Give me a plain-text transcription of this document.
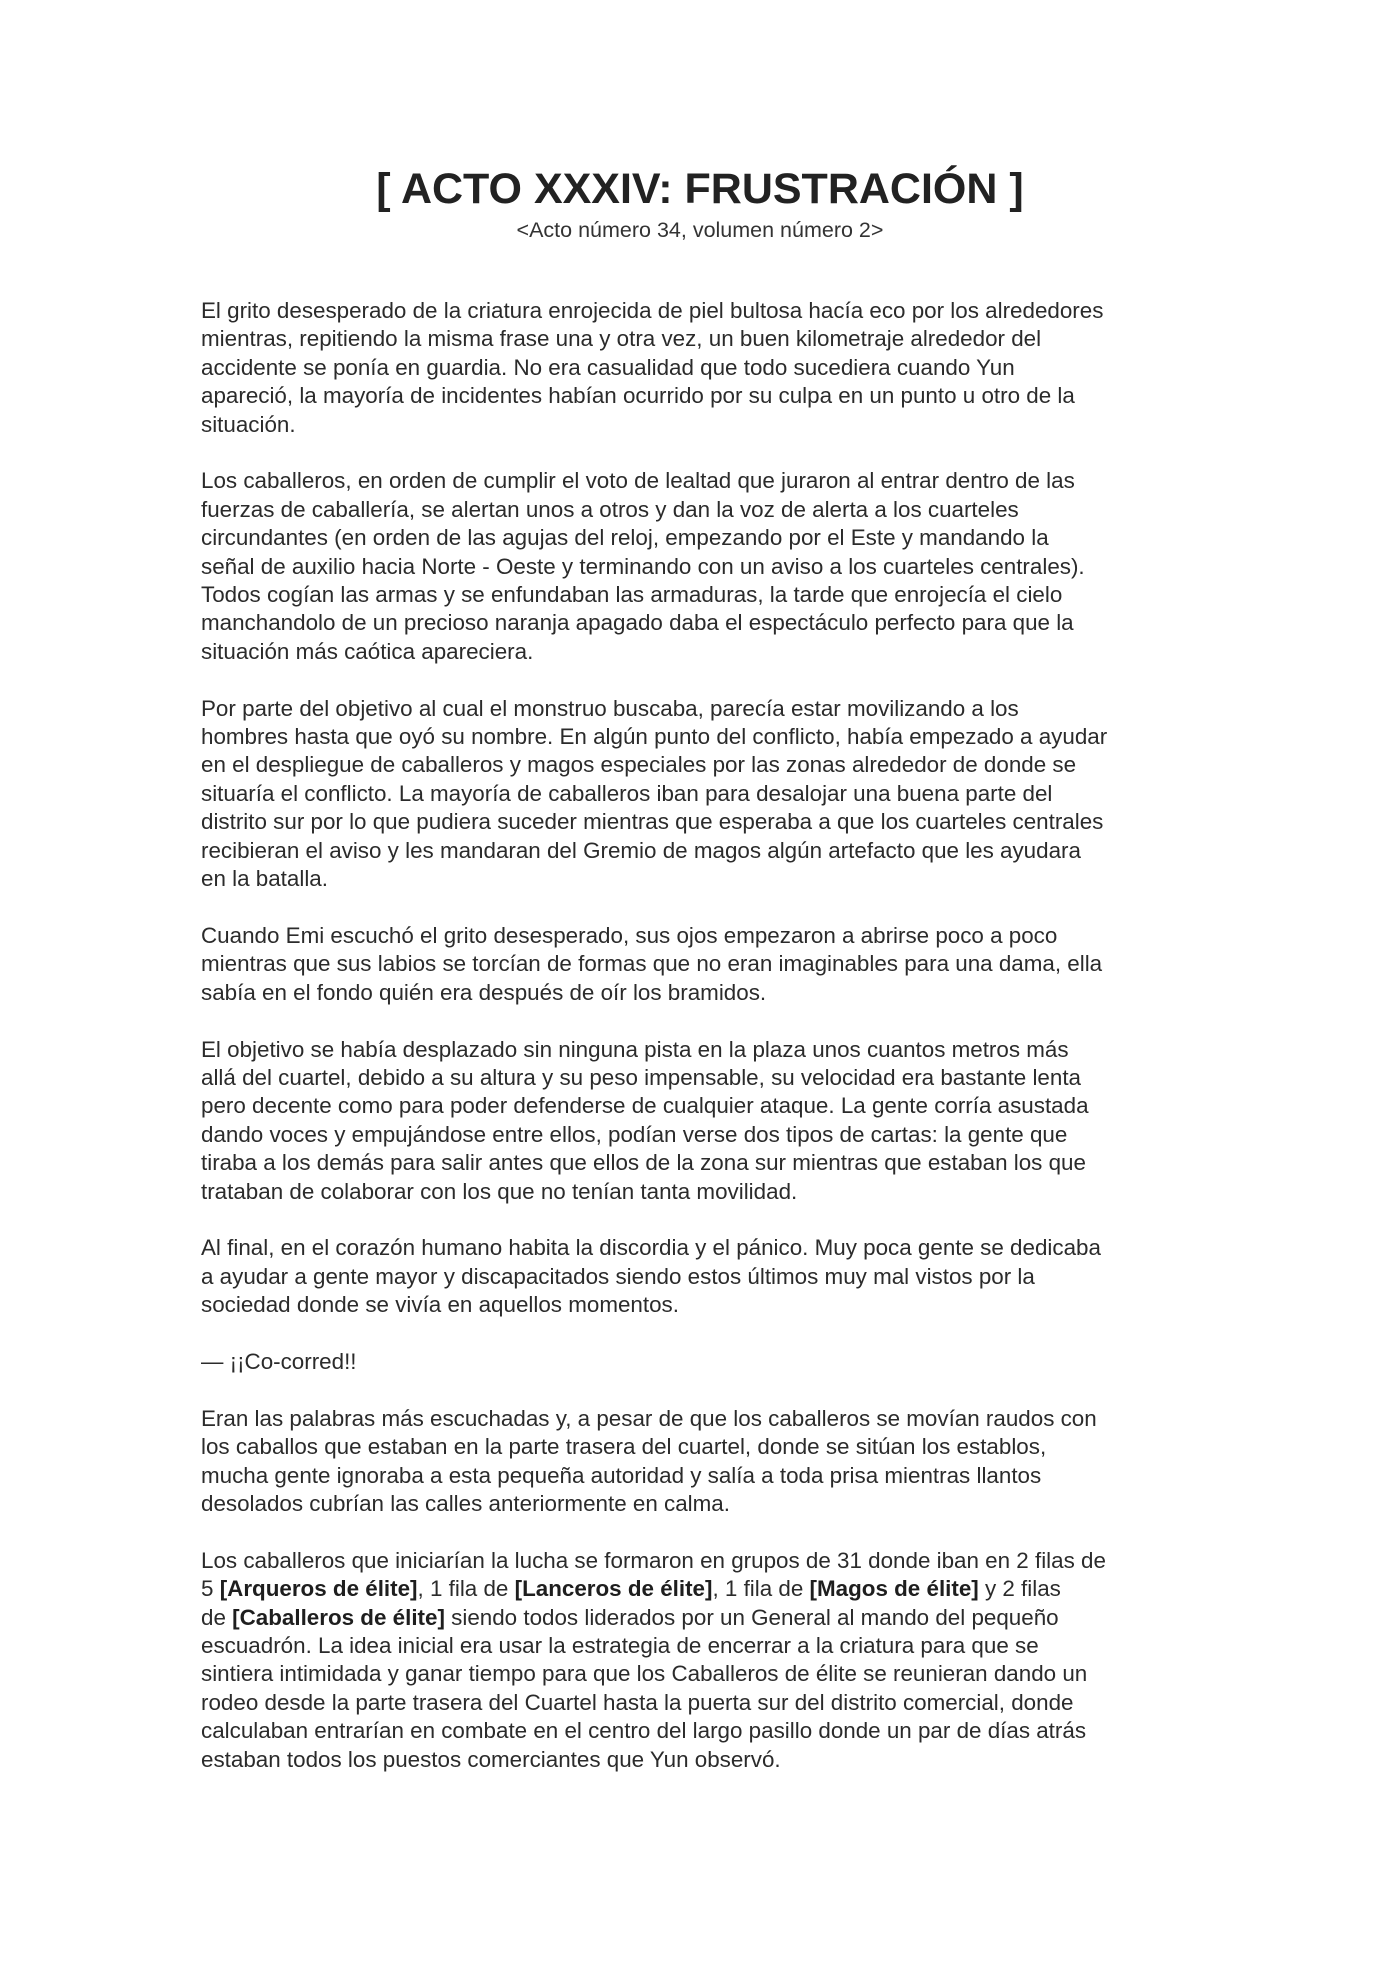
[ ACTO XXXIV: FRUSTRACIÓN ]
<Acto número 34, volumen número 2>

El grito desesperado de la criatura enrojecida de piel bultosa hacía eco por los alrededores
mientras, repitiendo la misma frase una y otra vez, un buen kilometraje alrededor del
accidente se ponía en guardia. No era casualidad que todo sucediera cuando Yun
apareció, la mayoría de incidentes habían ocurrido por su culpa en un punto u otro de la
situación.

Los caballeros, en orden de cumplir el voto de lealtad que juraron al entrar dentro de las
fuerzas de caballería, se alertan unos a otros y dan la voz de alerta a los cuarteles
circundantes (en orden de las agujas del reloj, empezando por el Este y mandando la
señal de auxilio hacia Norte - Oeste y terminando con un aviso a los cuarteles centrales).
Todos cogían las armas y se enfundaban las armaduras, la tarde que enrojecía el cielo
manchandolo de un precioso naranja apagado daba el espectáculo perfecto para que la
situación más caótica apareciera.

Por parte del objetivo al cual el monstruo buscaba, parecía estar movilizando a los
hombres hasta que oyó su nombre. En algún punto del conflicto, había empezado a ayudar
en el despliegue de caballeros y magos especiales por las zonas alrededor de donde se
situaría el conflicto. La mayoría de caballeros iban para desalojar una buena parte del
distrito sur por lo que pudiera suceder mientras que esperaba a que los cuarteles centrales
recibieran el aviso y les mandaran del Gremio de magos algún artefacto que les ayudara
en la batalla.

Cuando Emi escuchó el grito desesperado, sus ojos empezaron a abrirse poco a poco
mientras que sus labios se torcían de formas que no eran imaginables para una dama, ella
sabía en el fondo quién era después de oír los bramidos.

El objetivo se había desplazado sin ninguna pista en la plaza unos cuantos metros más
allá del cuartel, debido a su altura y su peso impensable, su velocidad era bastante lenta
pero decente como para poder defenderse de cualquier ataque. La gente corría asustada
dando voces y empujándose entre ellos, podían verse dos tipos de cartas: la gente que
tiraba a los demás para salir antes que ellos de la zona sur mientras que estaban los que
trataban de colaborar con los que no tenían tanta movilidad.

Al final, en el corazón humano habita la discordia y el pánico. Muy poca gente se dedicaba
a ayudar a gente mayor y discapacitados siendo estos últimos muy mal vistos por la
sociedad donde se vivía en aquellos momentos.

— ¡¡Co-corred!!

Eran las palabras más escuchadas y, a pesar de que los caballeros se movían raudos con
los caballos que estaban en la parte trasera del cuartel, donde se sitúan los establos,
mucha gente ignoraba a esta pequeña autoridad y salía a toda prisa mientras llantos
desolados cubrían las calles anteriormente en calma.

Los caballeros que iniciarían la lucha se formaron en grupos de 31 donde iban en 2 filas de
5 [Arqueros de élite], 1 fila de [Lanceros de élite], 1 fila de [Magos de élite] y 2 filas
de [Caballeros de élite] siendo todos liderados por un General al mando del pequeño
escuadrón. La idea inicial era usar la estrategia de encerrar a la criatura para que se
sintiera intimidada y ganar tiempo para que los Caballeros de élite se reunieran dando un
rodeo desde la parte trasera del Cuartel hasta la puerta sur del distrito comercial, donde
calculaban entrarían en combate en el centro del largo pasillo donde un par de días atrás
estaban todos los puestos comerciantes que Yun observó.
